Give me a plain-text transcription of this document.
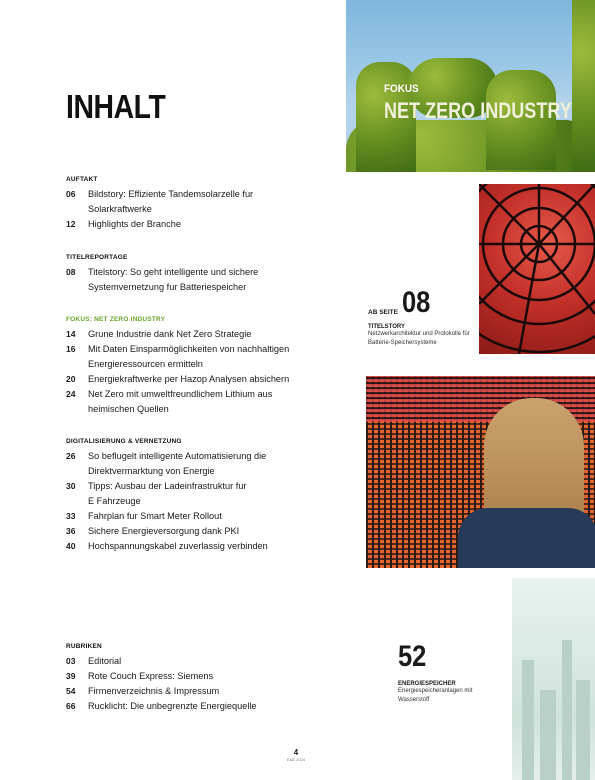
INHALT	FOKUS
NET ZERO INDUSTRY
AB SEITE 08
TITELSTORY
Netzwerkarchitektur und Protokolle für Batterie-Speichersysteme
52
ENERGIESPEICHER
Energiespeicheranlagen mit Wasserstoff
AUFTAKT
06	Bildstory: Effiziente Tandemsolarzelle fur
Solarkraftwerke
12	Highlights der Branche
TITELREPORTAGE
08	Titelstory: So geht intelligente und sichere
Systemvernetzung fur Batteriespeicher
FOKUS: NET ZERO INDUSTRY
14	Grune Industrie dank Net Zero Strategie
16	Mit Daten Einsparmöglichkeiten von nachhaltigen
Energieressourcen ermitteln
20	Energiekraftwerke per Hazop Analysen absichern
24	Net Zero mit umweltfreundlichem Lithium aus
heimischen Quellen
DIGITALISIERUNG & VERNETZUNG
26	So beflugelt intelligente Automatisierung die
Direktvermarktung von Energie
30	Tipps: Ausbau der Ladeinfrastruktur fur
E Fahrzeuge
33	Fahrplan fur Smart Meter Rollout
36	Sichere Energieversorgung dank PKI
40	Hochspannungskabel zuverlassig verbinden
RUBRIKEN
03	Editorial
39	Rote Couch Express: Siemens
54	Firmenverzeichnis & Impressum
66	Rucklicht: Die unbegrenzte Energiequelle
4
E&E 2024
